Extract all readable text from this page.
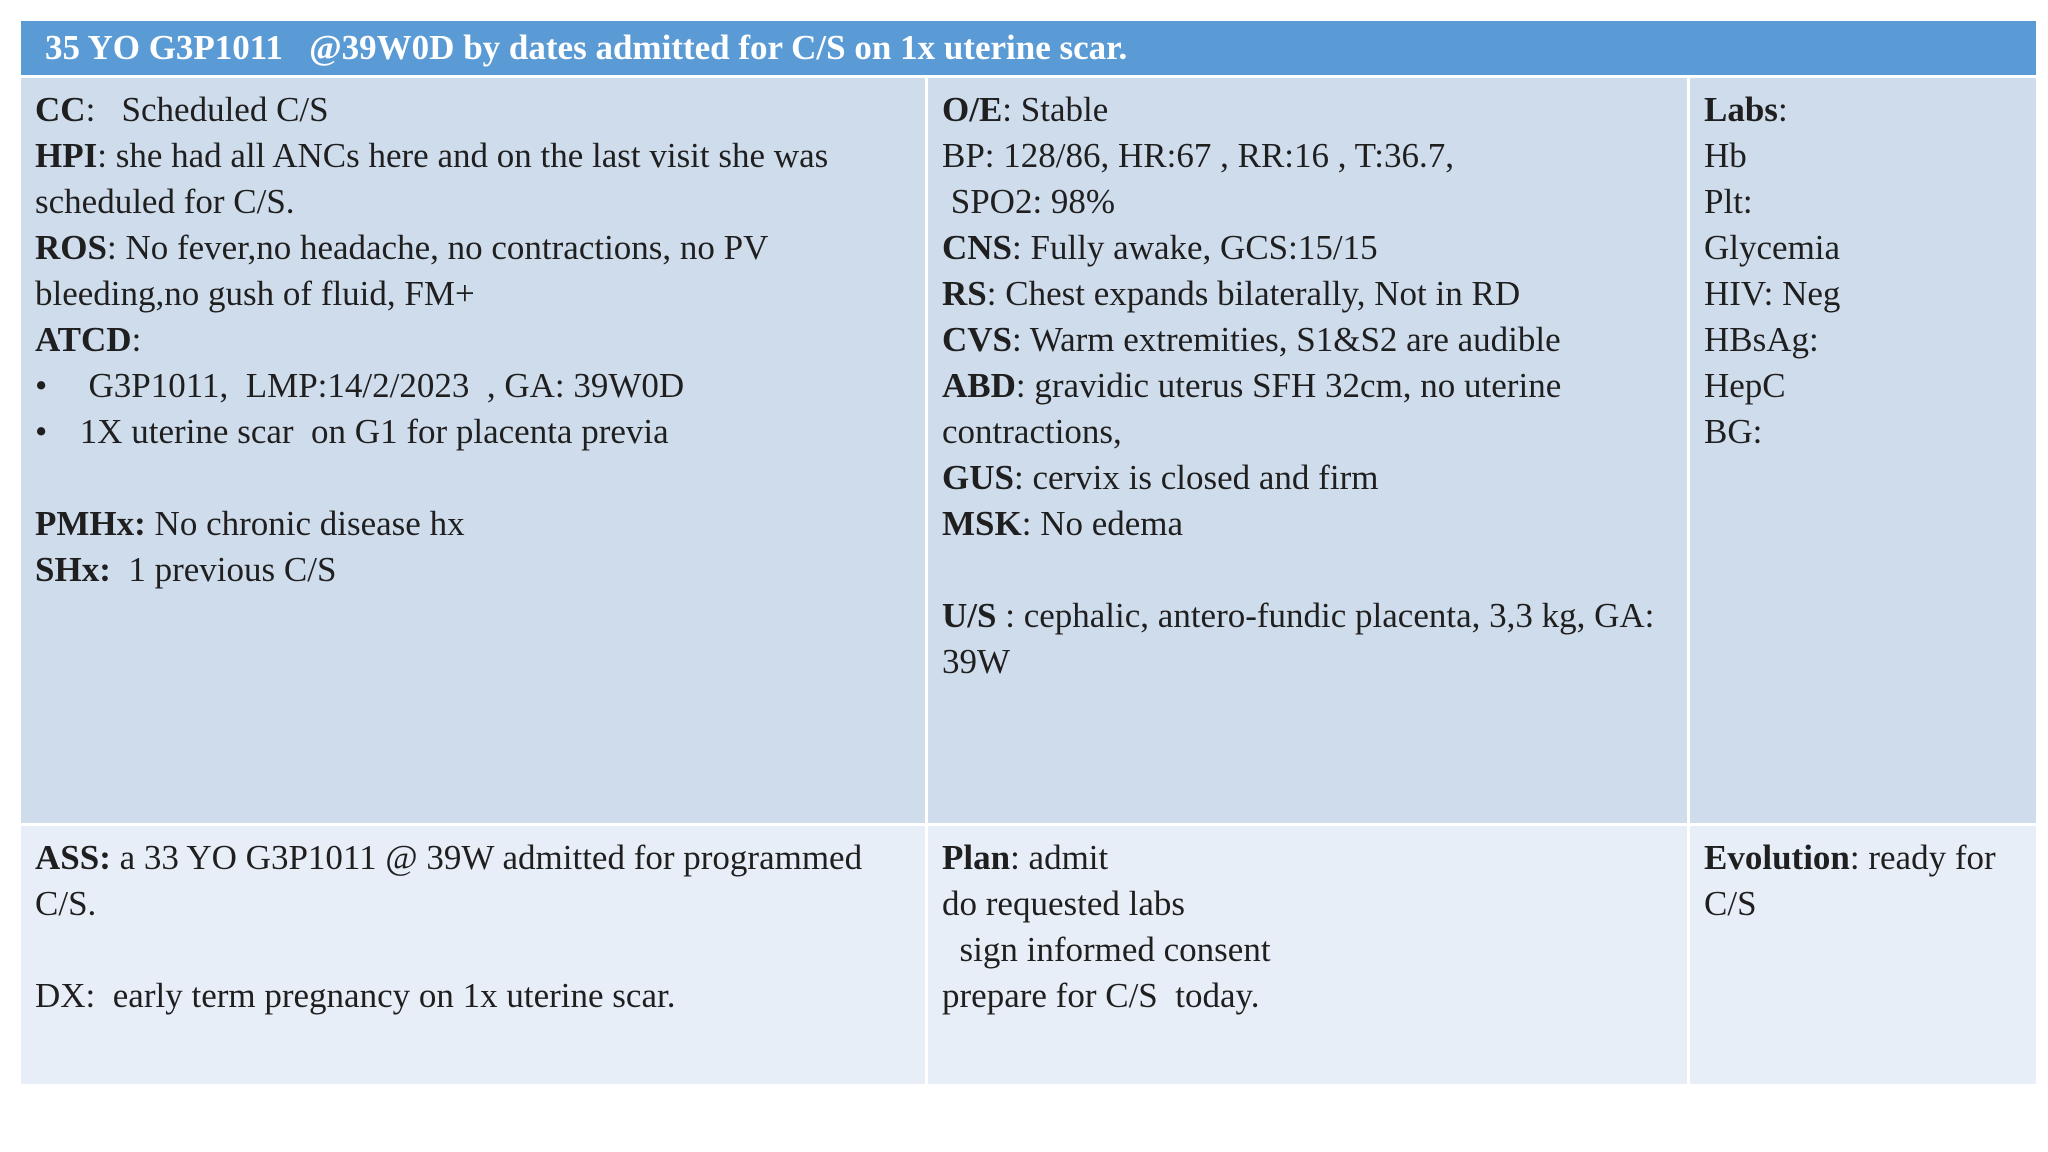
35 YO G3P1011   @39W0D by dates admitted for C/S on 1x uterine scar.
CC:   Scheduled C/S
HPI: she had all ANCs here and on the last visit she was scheduled for C/S.
ROS: No fever,no headache, no contractions, no PV bleeding,no gush of fluid, FM+
ATCD:
• G3P1011,  LMP:14/2/2023  , GA: 39W0D
• 1X uterine scar  on G1 for placenta previa
PMHx: No chronic disease hx
SHx:  1 previous C/S
O/E: Stable
BP: 128/86, HR:67 , RR:16 , T:36.7,
SPO2: 98%
CNS: Fully awake, GCS:15/15
RS: Chest expands bilaterally, Not in RD
CVS: Warm extremities, S1&S2 are audible
ABD: gravidic uterus SFH 32cm, no uterine contractions,
GUS: cervix is closed and firm
MSK: No edema
U/S : cephalic, antero-fundic placenta, 3,3 kg, GA: 39W
Labs:
Hb
Plt:
Glycemia
HIV: Neg
HBsAg:
HepC
BG:
ASS: a 33 YO G3P1011 @ 39W admitted for programmed C/S.
DX:  early term pregnancy on 1x uterine scar.
Plan: admit
do requested labs
sign informed consent
prepare for C/S  today.
Evolution: ready for C/S
